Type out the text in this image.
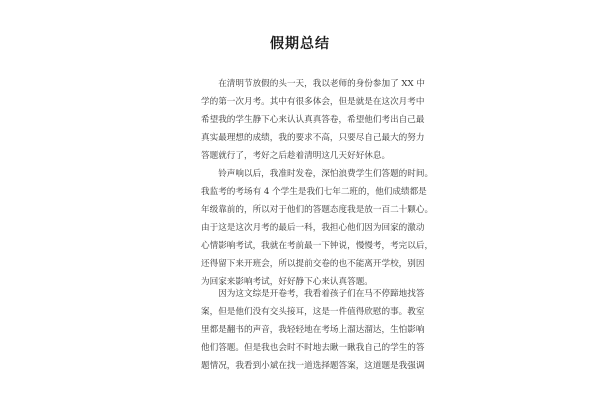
假期总结

　　在清明节放假的头一天，我以老师的身份参加了 XX 中
学的第一次月考。其中有很多体会，但是就是在这次月考中
希望我的学生静下心来认认真真答卷，希望他们考出自己最
真实最理想的成绩，我的要求不高，只要尽自己最大的努力
答题就行了，考好之后趁着清明这几天好好休息。

　　铃声响以后，我准时发卷，深怕浪费学生们答题的时间。
我监考的考场有 4 个学生是我们七年二班的，他们成绩都是
年级靠前的，所以对于他们的答题态度我是放一百二十颗心。
由于这是这次月考的最后一科，我担心他们因为回家的激动
心情影响考试，我就在考前最一下钟说，慢慢考，考完以后，
还得留下来开班会，所以提前交卷的也不能离开学校，别因
为回家来影响考试，好好静下心来认真答题。

　　因为这文综是开卷考，我看着孩子们在马不停蹄地找答
案，但是他们没有交头接耳，这是一件值得欣慰的事。教室
里都是翻书的声音，我轻轻地在考场上溜达溜达，生怕影响
他们答题。但是我也会时不时地去瞅一瞅我自己的学生的答
题情况，我看到小斌在找一道选择题答案，这道题是我强调
